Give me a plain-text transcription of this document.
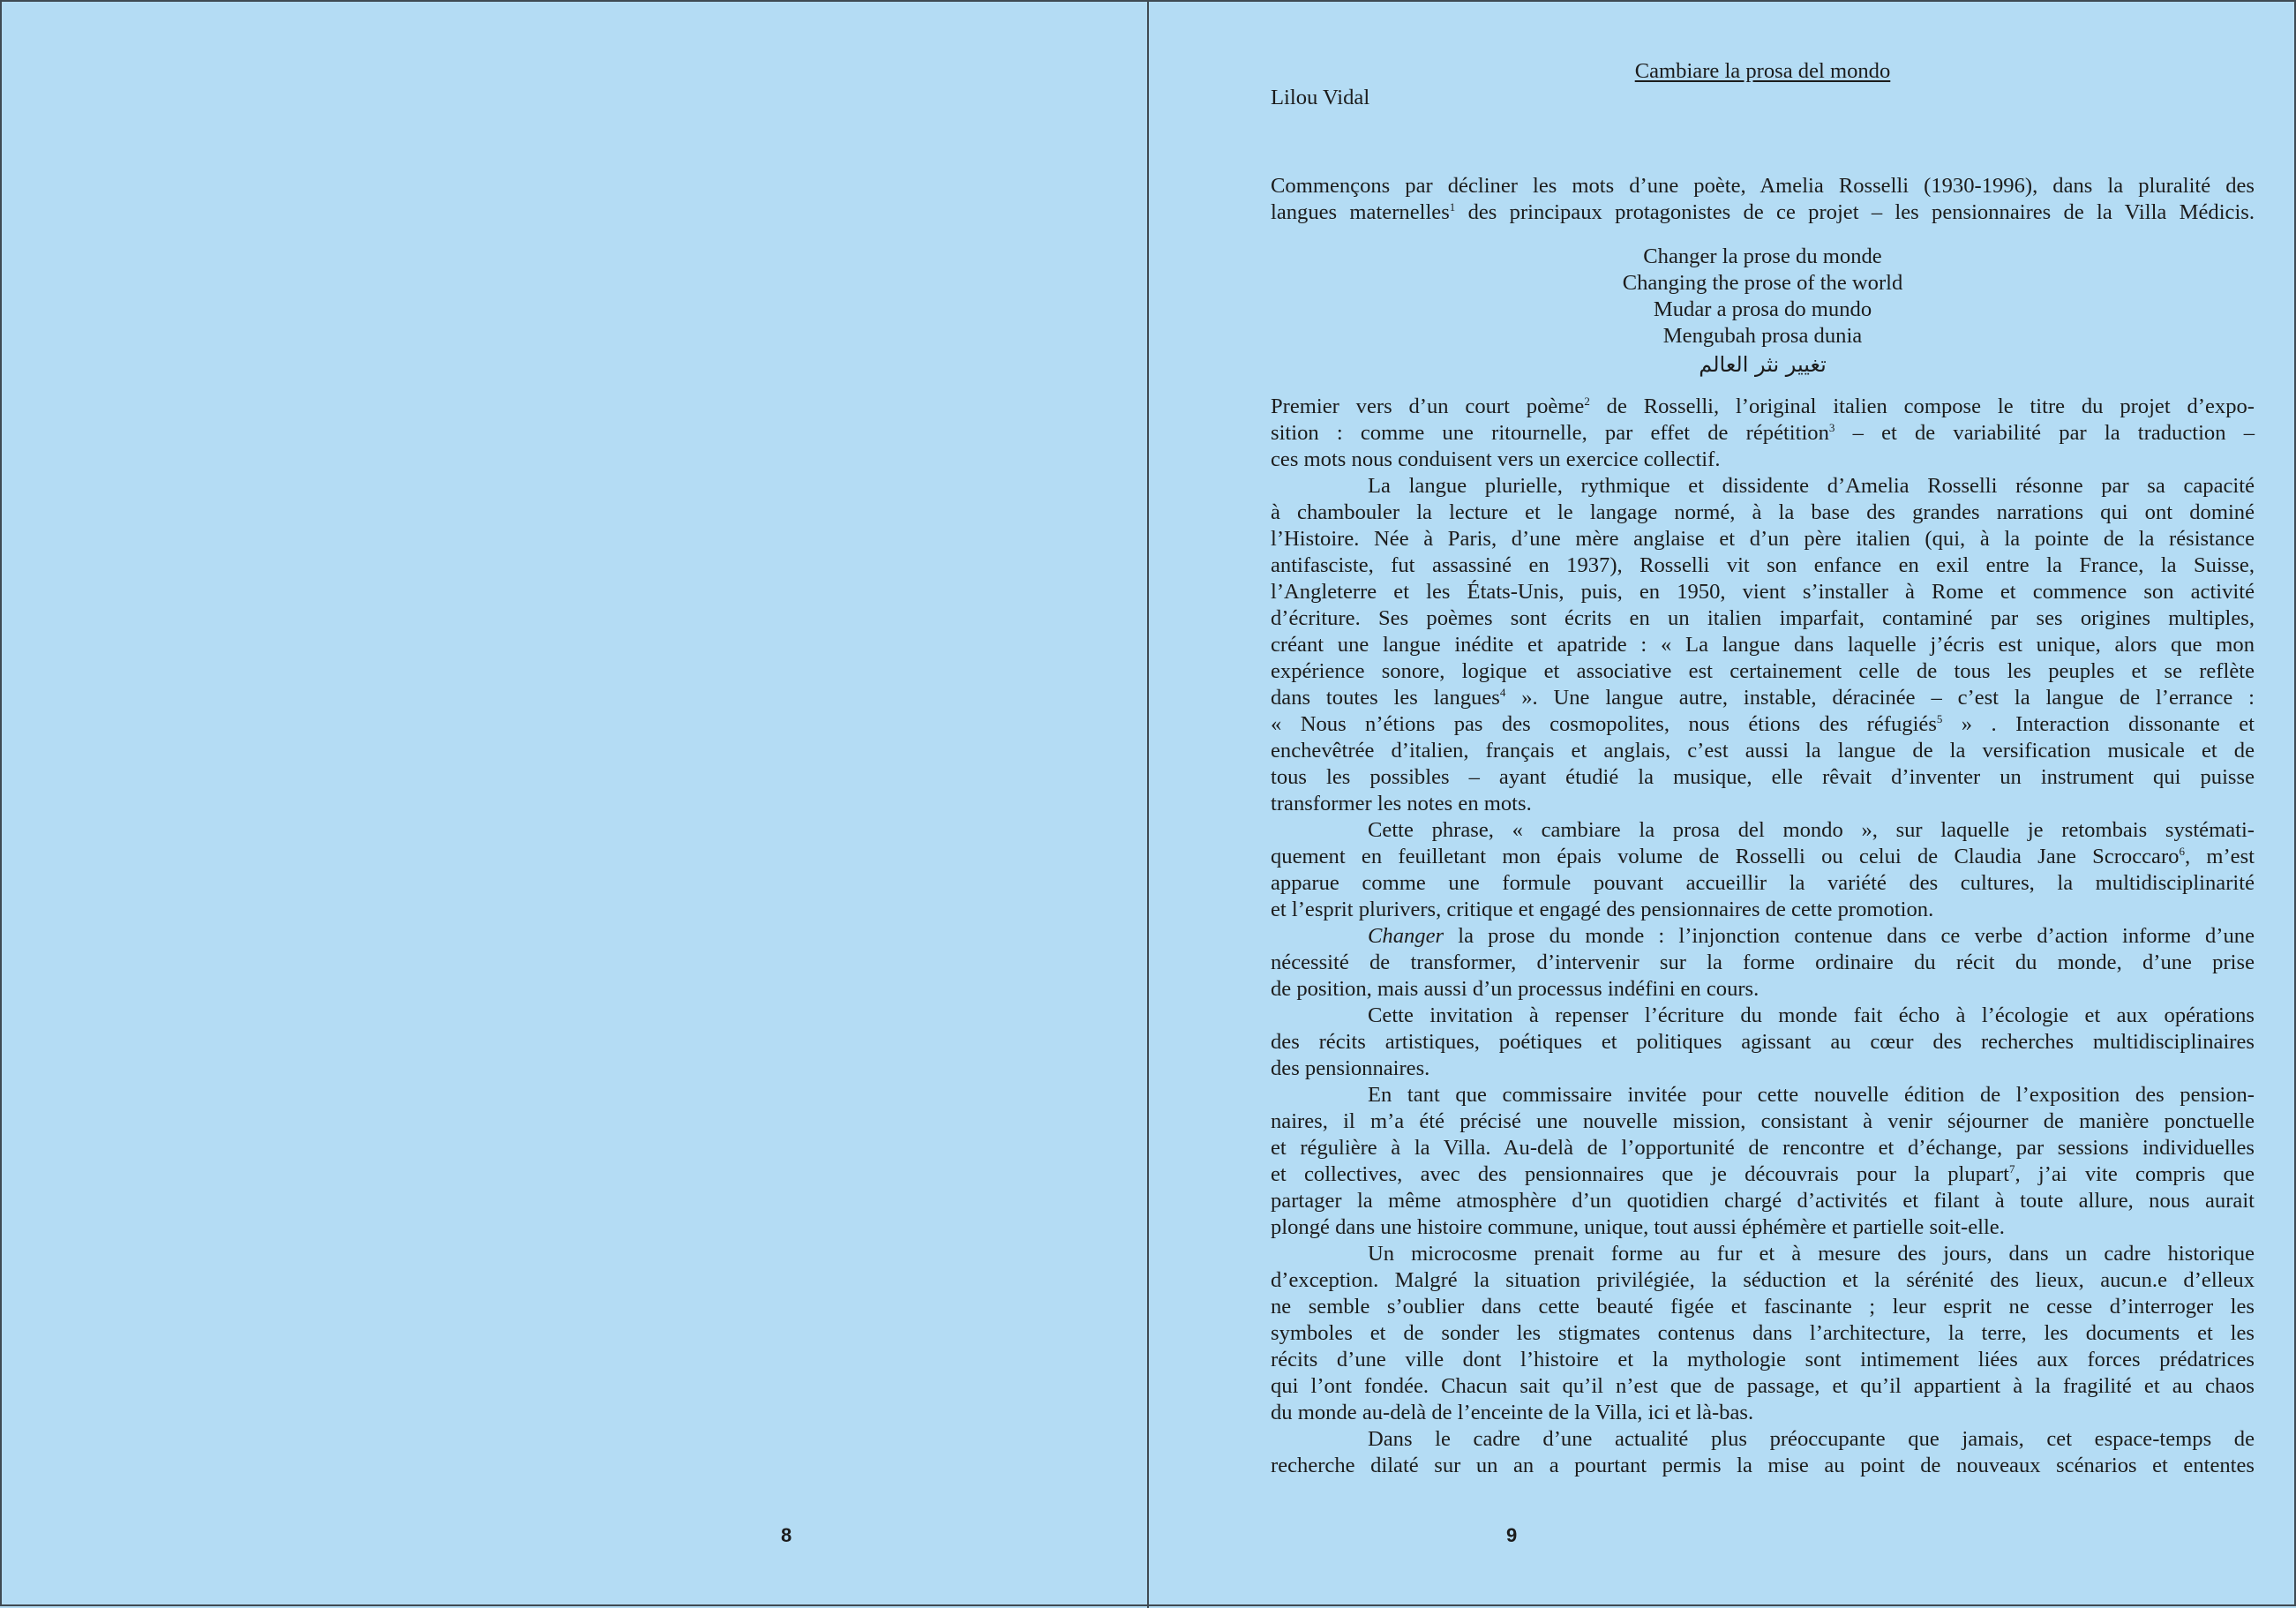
8
Cambiare la prosa del mondo
Lilou Vidal

Commençons par décliner les mots d’une poète, Amelia Rosselli (1930-1996), dans la pluralité des
langues maternelles$^1$ des principaux protagonistes de ce projet – les pensionnaires de la Villa Médicis.

Changer la prose du monde
Changing the prose of the world
Mudar a prosa do mundo
Mengubah prosa dunia
تغيير نثر العالم

Premier vers d’un court poème$^2$ de Rosselli, l’original italien compose le titre du projet d’expo-
sition : comme une ritournelle, par effet de répétition$^3$ – et de variabilité par la traduction –
ces mots nous conduisent vers un exercice collectif.

La langue plurielle, rythmique et dissidente d’Amelia Rosselli résonne par sa capacité
à chambouler la lecture et le langage normé, à la base des grandes narrations qui ont dominé
l’Histoire. Née à Paris, d’une mère anglaise et d’un père italien (qui, à la pointe de la résistance
antifasciste, fut assassiné en 1937), Rosselli vit son enfance en exil entre la France, la Suisse,
l’Angleterre et les États-Unis, puis, en 1950, vient s’installer à Rome et commence son activité
d’écriture. Ses poèmes sont écrits en un italien imparfait, contaminé par ses origines multiples,
créant une langue inédite et apatride : « La langue dans laquelle j’écris est unique, alors que mon
expérience sonore, logique et associative est certainement celle de tous les peuples et se reflète
dans toutes les langues$^4$ ». Une langue autre, instable, déracinée – c’est la langue de l’errance :
« Nous n’étions pas des cosmopolites, nous étions des réfugiés$^5$ » . Interaction dissonante et
enchevêtrée d’italien, français et anglais, c’est aussi la langue de la versification musicale et de
tous les possibles – ayant étudié la musique, elle rêvait d’inventer un instrument qui puisse
transformer les notes en mots.

Cette phrase, « cambiare la prosa del mondo », sur laquelle je retombais systémati-
quement en feuilletant mon épais volume de Rosselli ou celui de Claudia Jane Scroccaro$^6$, m’est
apparue comme une formule pouvant accueillir la variété des cultures, la multidisciplinarité
et l’esprit plurivers, critique et engagé des pensionnaires de cette promotion.

Changer la prose du monde : l’injonction contenue dans ce verbe d’action informe d’une
nécessité de transformer, d’intervenir sur la forme ordinaire du récit du monde, d’une prise
de position, mais aussi d’un processus indéfini en cours.

Cette invitation à repenser l’écriture du monde fait écho à l’écologie et aux opérations
des récits artistiques, poétiques et politiques agissant au cœur des recherches multidisciplinaires
des pensionnaires.

En tant que commissaire invitée pour cette nouvelle édition de l’exposition des pension-
naires, il m’a été précisé une nouvelle mission, consistant à venir séjourner de manière ponctuelle
et régulière à la Villa. Au-delà de l’opportunité de rencontre et d’échange, par sessions individuelles
et collectives, avec des pensionnaires que je découvrais pour la plupart$^7$, j’ai vite compris que
partager la même atmosphère d’un quotidien chargé d’activités et filant à toute allure, nous aurait
plongé dans une histoire commune, unique, tout aussi éphémère et partielle soit-elle.

Un microcosme prenait forme au fur et à mesure des jours, dans un cadre historique
d’exception. Malgré la situation privilégiée, la séduction et la sérénité des lieux, aucun.e d’elleux
ne semble s’oublier dans cette beauté figée et fascinante ; leur esprit ne cesse d’interroger les
symboles et de sonder les stigmates contenus dans l’architecture, la terre, les documents et les
récits d’une ville dont l’histoire et la mythologie sont intimement liées aux forces prédatrices
qui l’ont fondée. Chacun sait qu’il n’est que de passage, et qu’il appartient à la fragilité et au chaos
du monde au-delà de l’enceinte de la Villa, ici et là-bas.

Dans le cadre d’une actualité plus préoccupante que jamais, cet espace-temps de
recherche dilaté sur un an a pourtant permis la mise au point de nouveaux scénarios et ententes

9
